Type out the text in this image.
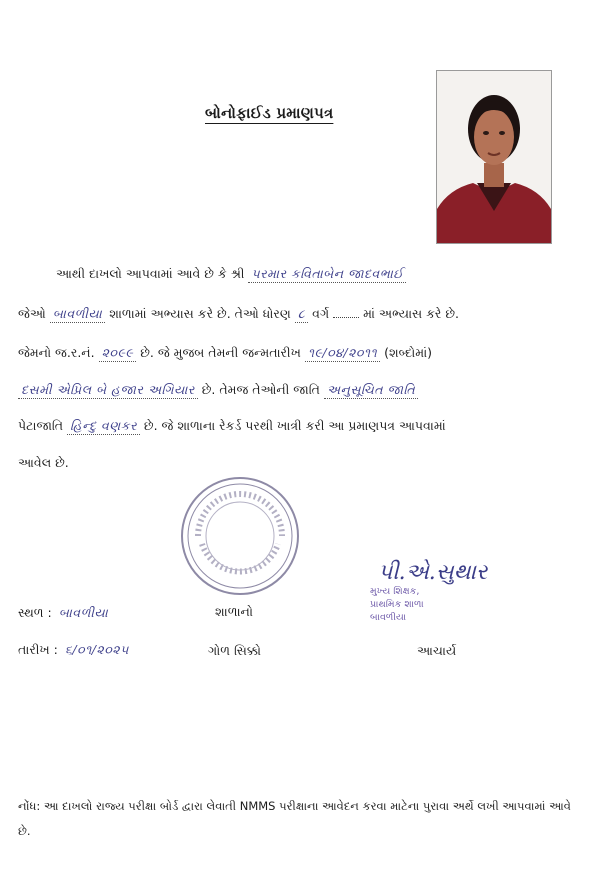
બોનોફાઈડ પ્રમાણપત્ર
આથી દાખલો આપવામાં આવે છે કે શ્રી પરમાર કવિતાબેન જાદવભાઈ
જેઓ બાવળીયા શાળામાં અભ્યાસ કરે છે. તેઓ ધોરણ ૮ વર્ગ	માં અભ્યાસ કરે છે.
જેમનો જ.ર.નં. ૨૦૯૯ છે. જે મુજબ તેમની જન્મતારીખ ૧૯/૦૪/૨૦૧૧ (શબ્દોમાં)
દસમી એપ્રિલ બે હજાર અગિયાર છે. તેમજ તેઓની જાતિ અનુસૂચિત જાતિ
પેટાજાતિ હિન્દુ વણકર છે. જે શાળાના રેકર્ડ પરથી ખાત્રી કરી આ પ્રમાણપત્ર આપવામાં
આવેલ છે.
શાળાનો
ગોળ સિક્કો
સ્થળ : બાવળીયા
તારીખ : ૬/૦૧/૨૦૨૫
પી.એ.સુથાર
મુખ્ય શિક્ષક,
પ્રાથમિક શાળા
બાવળીયા
આચાર્ય
નોંધ: આ દાખલો રાજ્ય પરીક્ષા બોર્ડ દ્વારા લેવાતી NMMS પરીક્ષાના આવેદન કરવા માટેના પુરાવા અર્થે લખી આપવામાં આવે છે.
